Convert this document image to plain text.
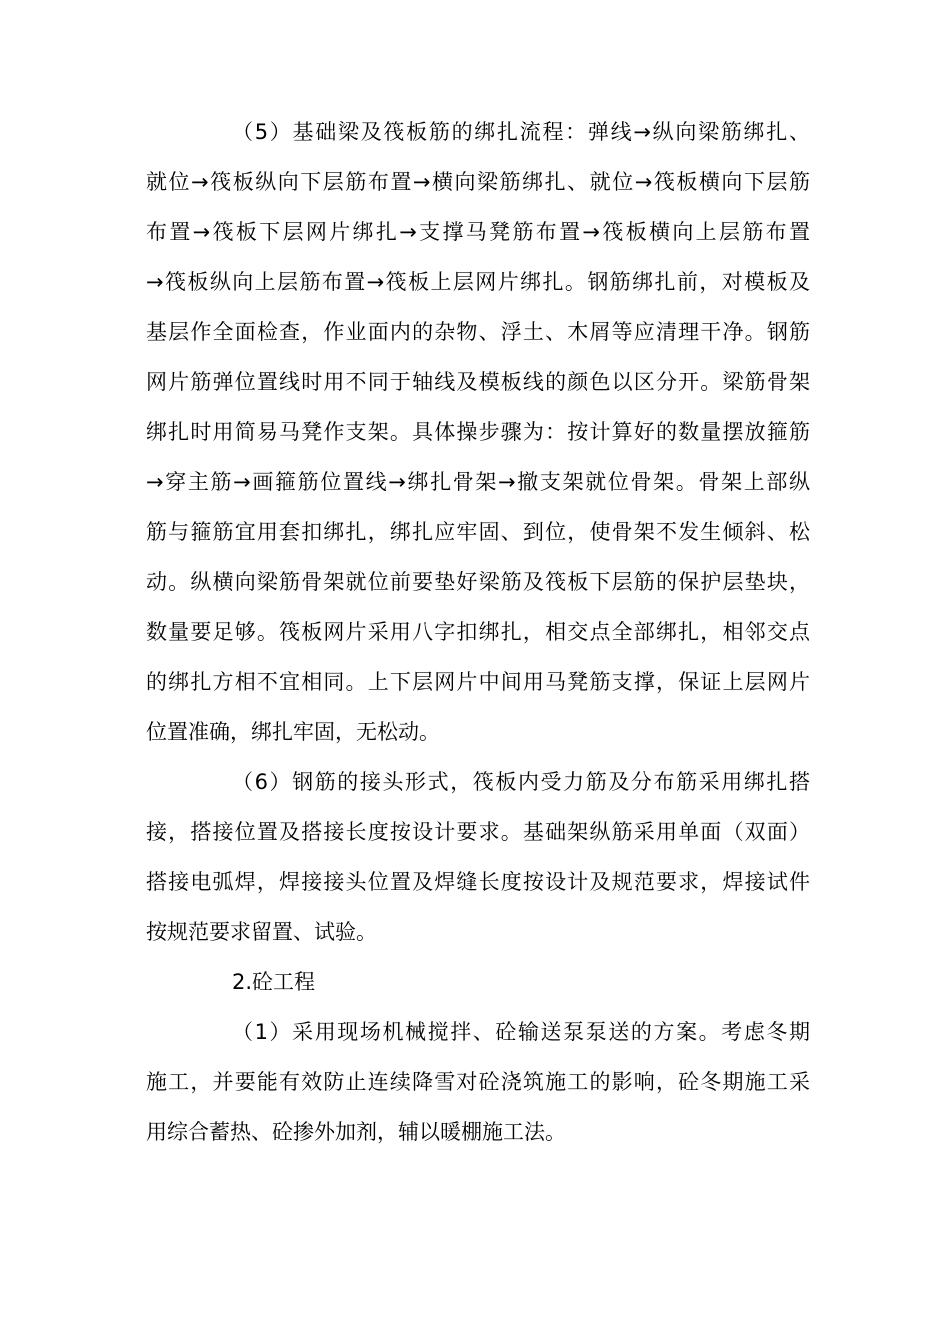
（5）基础梁及筏板筋的绑扎流程：弹线→纵向梁筋绑扎、
就位→筏板纵向下层筋布置→横向梁筋绑扎、就位→筏板横向下层筋
布置→筏板下层网片绑扎→支撑马凳筋布置→筏板横向上层筋布置
→筏板纵向上层筋布置→筏板上层网片绑扎。钢筋绑扎前，对模板及
基层作全面检查，作业面内的杂物、浮土、木屑等应清理干净。钢筋
网片筋弹位置线时用不同于轴线及模板线的颜色以区分开。梁筋骨架
绑扎时用简易马凳作支架。具体操步骤为：按计算好的数量摆放箍筋
→穿主筋→画箍筋位置线→绑扎骨架→撤支架就位骨架。骨架上部纵
筋与箍筋宜用套扣绑扎，绑扎应牢固、到位，使骨架不发生倾斜、松
动。纵横向梁筋骨架就位前要垫好梁筋及筏板下层筋的保护层垫块，
数量要足够。筏板网片采用八字扣绑扎，相交点全部绑扎，相邻交点
的绑扎方相不宜相同。上下层网片中间用马凳筋支撑，保证上层网片
位置准确，绑扎牢固，无松动。
（6）钢筋的接头形式，筏板内受力筋及分布筋采用绑扎搭
接，搭接位置及搭接长度按设计要求。基础架纵筋采用单面（双面）
搭接电弧焊，焊接接头位置及焊缝长度按设计及规范要求，焊接试件
按规范要求留置、试验。
2.砼工程
（1）采用现场机械搅拌、砼输送泵泵送的方案。考虑冬期
施工，并要能有效防止连续降雪对砼浇筑施工的影响，砼冬期施工采
用综合蓄热、砼掺外加剂，辅以暖棚施工法。
